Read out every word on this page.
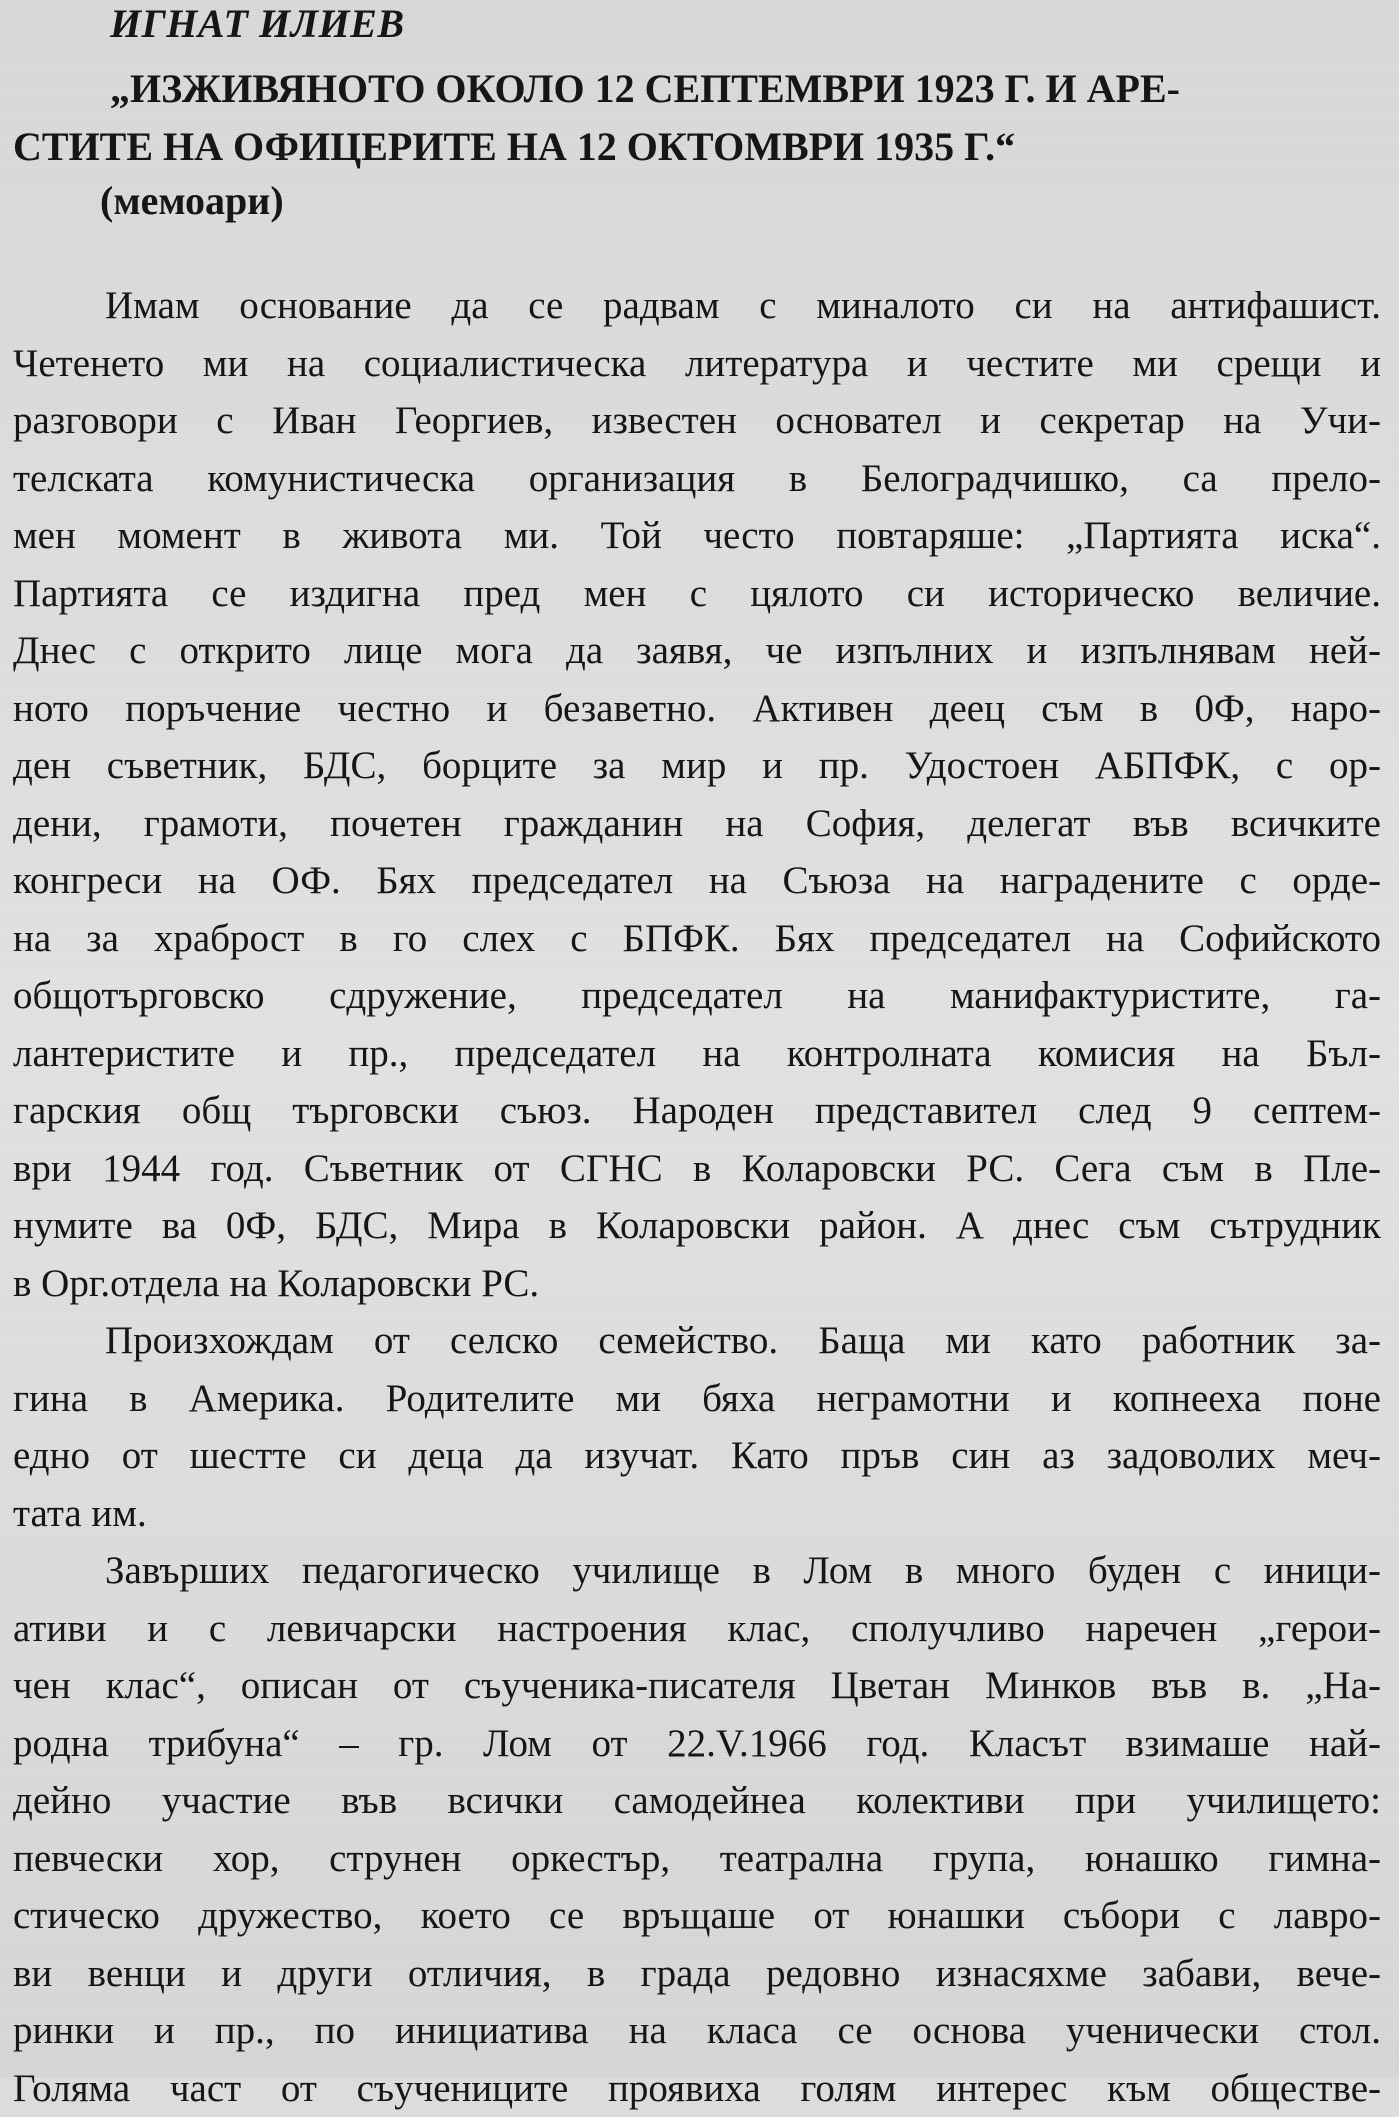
ИГНАТ ИЛИЕВ
„ИЗЖИВЯНОТО ОКОЛО 12 СЕПТЕМВРИ 1923 Г. И АРЕ-
СТИТЕ НА ОФИЦЕРИТЕ НА 12 ОКТОМВРИ 1935 Г.“
(мемоари)
Имам основание да се радвам с миналото си на антифашист.
Четенето ми на социалистическа литература и честите ми срещи и
разговори с Иван Георгиев, известен основател и секретар на Учи-
телската комунистическа организация в Белоградчишко, са прело-
мен момент в живота ми. Той често повтаряше: „Партията иска“.
Партията се издигна пред мен с цялото си историческо величие.
Днес с открито лице мога да заявя, че изпълних и изпълнявам ней-
ното поръчение честно и безаветно. Активен деец съм в 0Ф, наро-
ден съветник, БДС, борците за мир и пр. Удостоен АБПФК, с ор-
дени, грамоти, почетен гражданин на София, делегат във всичките
конгреси на ОФ. Бях председател на Съюза на наградените с орде-
на за храброст в го слех с БПФК. Бях председател на Софийското
общотърговско сдружение, председател на манифактуристите, га-
лантеристите и пр., председател на контролната комисия на Бъл-
гарския общ търговски съюз. Народен представител след 9 септем-
ври 1944 год. Съветник от СГНС в Коларовски РС. Сега съм в Пле-
нумите ва 0Ф, БДС, Мира в Коларовски район. А днес съм сътрудник
в Орг.отдела на Коларовски РС.
Произхождам от селско семейство. Баща ми като работник за-
гина в Америка. Родителите ми бяха неграмотни и копнееха поне
едно от шестте си деца да изучат. Като пръв син аз задоволих меч-
тата им.
Завърших педагогическо училище в Лом в много буден с иници-
ативи и с левичарски настроения клас, сполучливо наречен „герои-
чен клас“, описан от съученика-писателя Цветан Минков във в. „На-
родна трибуна“ – гр. Лом от 22.V.1966 год. Класът взимаше най-
дейно участие във всички самодейнеа колективи при училището:
певчески хор, струнен оркестър, театрална група, юнашко гимна-
стическо дружество, което се връщаше от юнашки събори с лавро-
ви венци и други отличия, в града редовно изнасяхме забави, вече-
ринки и пр., по инициатива на класа се основа ученически стол.
Голяма част от съучениците проявиха голям интерес към обществе-
